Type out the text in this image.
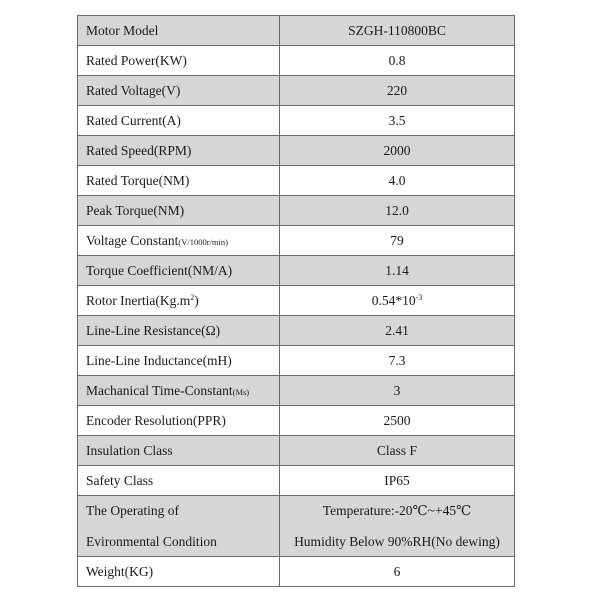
Motor Model	SZGH-110800BC
Rated Power(KW)	0.8
Rated Voltage(V)	220
Rated Current(A)	3.5
Rated Speed(RPM)	2000
Rated Torque(NM)	4.0
Peak Torque(NM)	12.0
Voltage Constant(V/1000r/min)	79
Torque Coefficient(NM/A)	1.14
Rotor $Inertia(Kg.m^2)$	$0.54*10^{-3}$
Line-Line Resistance(Ω)	2.41
Line-Line Inductance(mH)	7.3
Machanical Time-Constant(Ms)	3
Encoder Resolution(PPR)	2500
Insulation Class	Class F
Safety Class	IP65

The Operating of
Evironmental Condition	Temperature:-20℃~+45℃
Humidity Below 90%RH(No dewing)

Weight(KG)	6
